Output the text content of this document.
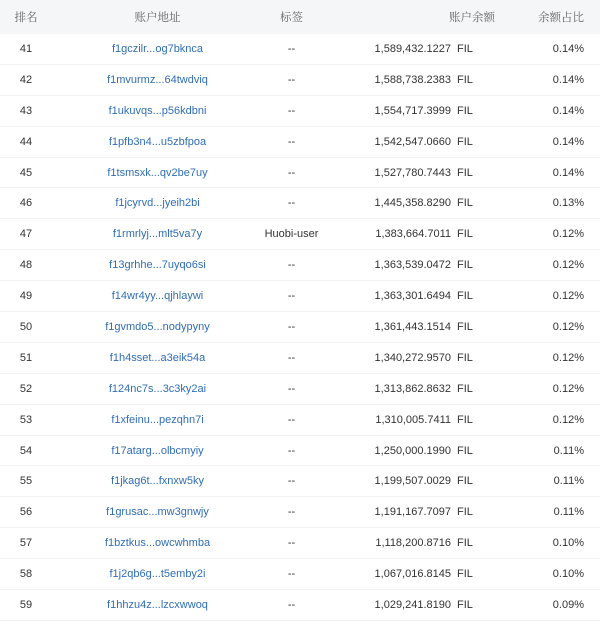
排名	账户地址	标签	账户余额	余额占比
41	f1gczilr...og7bknca	--	1,589,432.1227 FIL	0.14%
42	f1mvurmz...64twdviq	--	1,588,738.2383 FIL	0.14%
43	f1ukuvqs...p56kdbni	--	1,554,717.3999 FIL	0.14%
44	f1pfb3n4...u5zbfpoa	--	1,542,547.0660 FIL	0.14%
45	f1tsmsxk...qv2be7uy	--	1,527,780.7443 FIL	0.14%
46	f1jcyrvd...jyeih2bi	--	1,445,358.8290 FIL	0.13%
47	f1rmrlyj...mlt5va7y	Huobi-user	1,383,664.7011 FIL	0.12%
48	f13grhhe...7uyqo6si	--	1,363,539.0472 FIL	0.12%
49	f14wr4yy...qjhlaywi	--	1,363,301.6494 FIL	0.12%
50	f1gvmdo5...nodypyny	--	1,361,443.1514 FIL	0.12%
51	f1h4sset...a3eik54a	--	1,340,272.9570 FIL	0.12%
52	f124nc7s...3c3ky2ai	--	1,313,862.8632 FIL	0.12%
53	f1xfeinu...pezqhn7i	--	1,310,005.7411 FIL	0.12%
54	f17atarg...olbcmyiy	--	1,250,000.1990 FIL	0.11%
55	f1jkag6t...fxnxw5ky	--	1,199,507.0029 FIL	0.11%
56	f1grusac...mw3gnwjy	--	1,191,167.7097 FIL	0.11%
57	f1bztkus...owcwhmba	--	1,118,200.8716 FIL	0.10%
58	f1j2qb6g...t5emby2i	--	1,067,016.8145 FIL	0.10%
59	f1hhzu4z...lzcxwwoq	--	1,029,241.8190 FIL	0.09%
